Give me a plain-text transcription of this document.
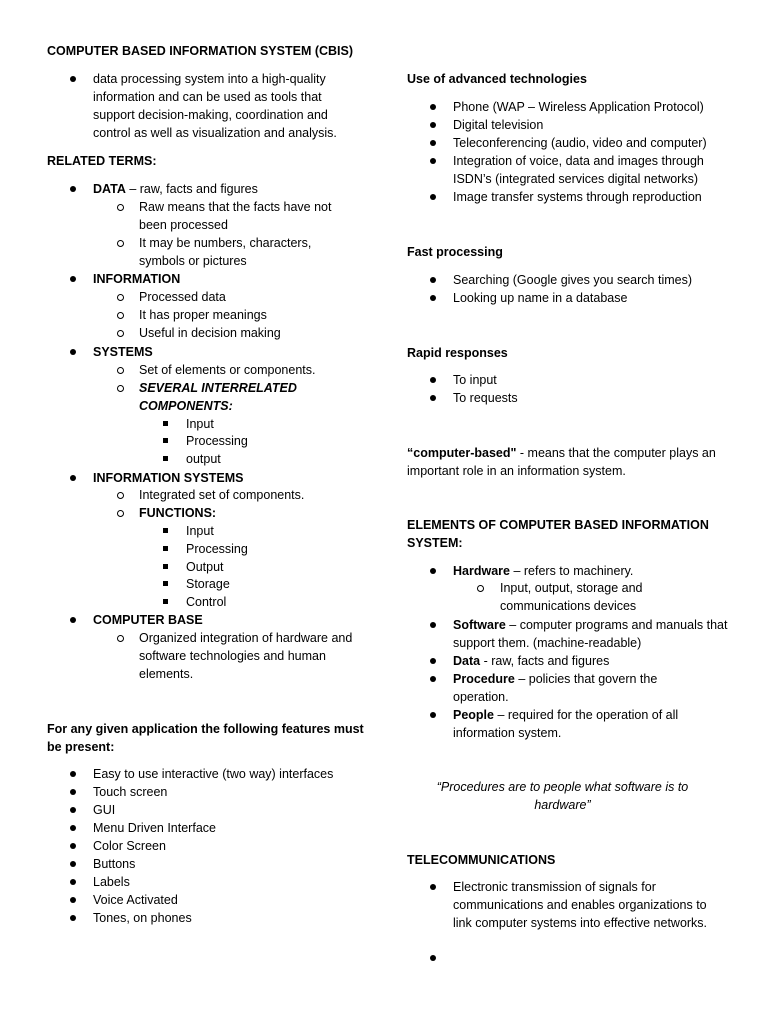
COMPUTER BASED INFORMATION SYSTEM (CBIS)
data processing system into a high-quality information and can be used as tools that support decision-making, coordination and control as well as visualization and analysis.
RELATED TERMS:
DATA – raw, facts and figures
Raw means that the facts have not been processed
It may be numbers, characters, symbols or pictures
INFORMATION
Processed data
It has proper meanings
Useful in decision making
SYSTEMS
Set of elements or components.
SEVERAL INTERRELATED COMPONENTS:
Input
Processing
output
INFORMATION SYSTEMS
Integrated set of components.
FUNCTIONS:
Input
Processing
Output
Storage
Control
COMPUTER BASE
Organized integration of hardware and software technologies and human elements.
For any given application the following features must be present:
Easy to use interactive (two way) interfaces
Touch screen
GUI
Menu Driven Interface
Color Screen
Buttons
Labels
Voice Activated
Tones, on phones
Use of advanced technologies
Phone (WAP – Wireless Application Protocol)
Digital television
Teleconferencing (audio, video and computer)
Integration of voice, data and images through ISDN’s (integrated services digital networks)
Image transfer systems through reproduction
Fast processing
Searching (Google gives you search times)
Looking up name in a database
Rapid responses
To input
To requests
“computer-based" - means that the computer plays an important role in an information system.
ELEMENTS OF COMPUTER BASED INFORMATION SYSTEM:
Hardware – refers to machinery.
Input, output, storage and communications devices
Software – computer programs and manuals that support them. (machine-readable)
Data - raw, facts and figures
Procedure – policies that govern the operation.
People – required for the operation of all information system.
“Procedures are to people what software is to hardware”
TELECOMMUNICATIONS
Electronic transmission of signals for communications and enables organizations to link computer systems into effective networks.
